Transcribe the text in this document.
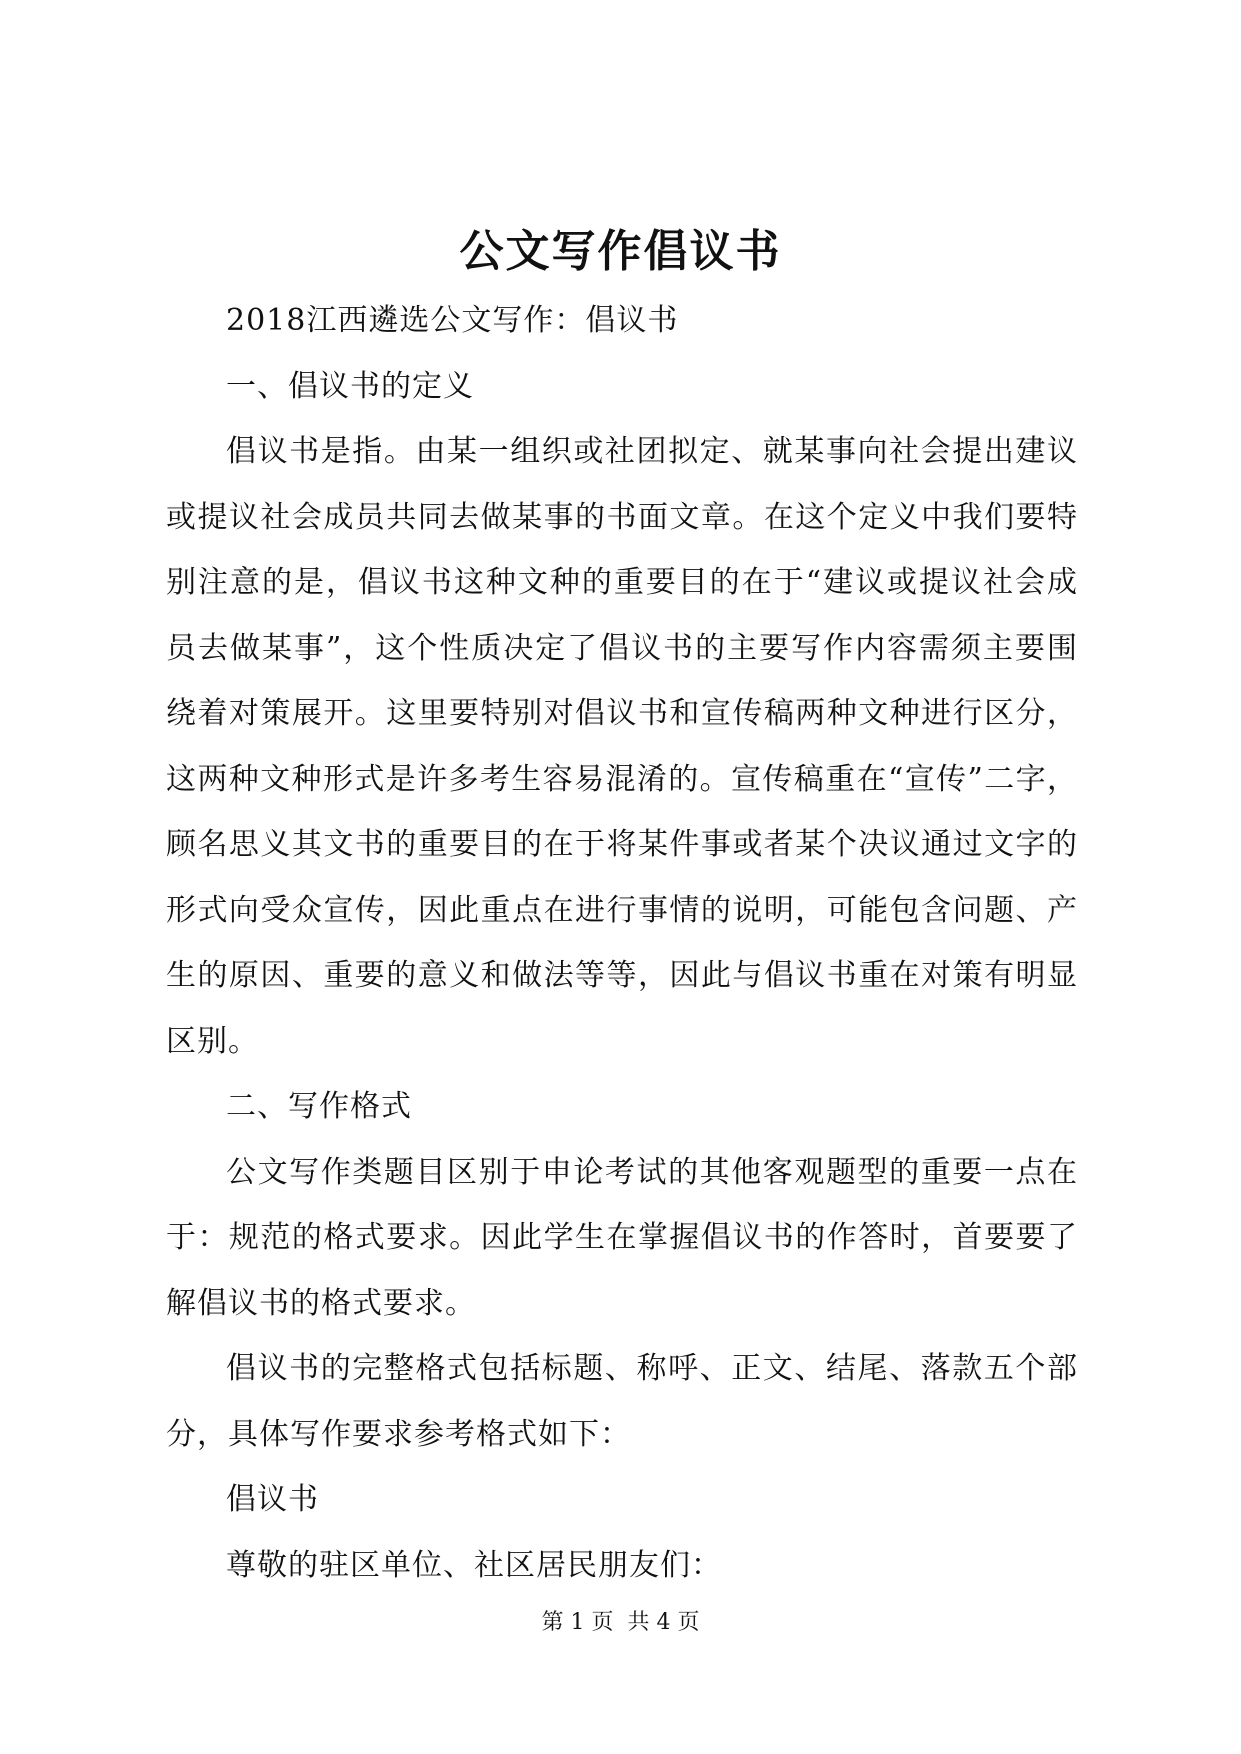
公文写作倡议书

2018江西遴选公文写作：倡议书

一、倡议书的定义

倡议书是指。由某一组织或社团拟定、就某事向社会提出建议或提议社会成员共同去做某事的书面文章。在这个定义中我们要特别注意的是，倡议书这种文种的重要目的在于“建议或提议社会成员去做某事”，这个性质决定了倡议书的主要写作内容需须主要围绕着对策展开。这里要特别对倡议书和宣传稿两种文种进行区分，这两种文种形式是许多考生容易混淆的。宣传稿重在“宣传”二字，顾名思义其文书的重要目的在于将某件事或者某个决议通过文字的形式向受众宣传，因此重点在进行事情的说明，可能包含问题、产生的原因、重要的意义和做法等等，因此与倡议书重在对策有明显区别。

二、写作格式

公文写作类题目区别于申论考试的其他客观题型的重要一点在于：规范的格式要求。因此学生在掌握倡议书的作答时，首要要了解倡议书的格式要求。

倡议书的完整格式包括标题、称呼、正文、结尾、落款五个部分，具体写作要求参考格式如下：

倡议书

尊敬的驻区单位、社区居民朋友们：

第 1 页  共 4 页
